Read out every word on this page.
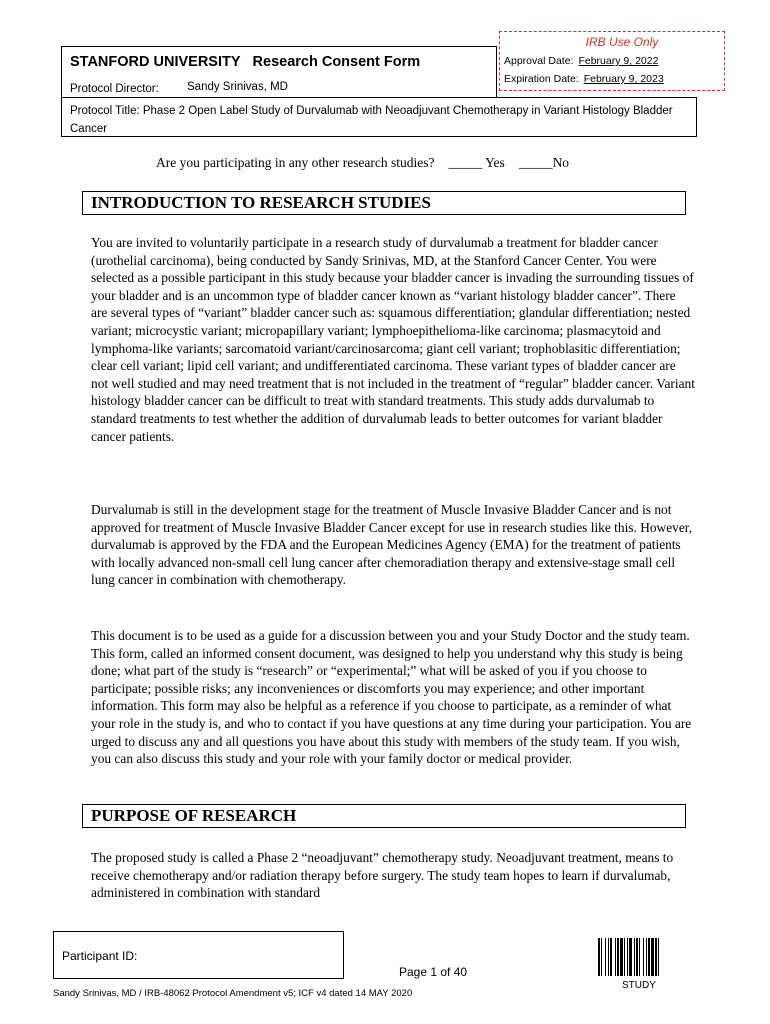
STANFORD UNIVERSITY Research Consent Form
Protocol Director: Sandy Srinivas, MD
IRB Use Only
Approval Date: February 9, 2022
Expiration Date: February 9, 2023
Protocol Title: Phase 2 Open Label Study of Durvalumab with Neoadjuvant Chemotherapy in Variant Histology Bladder Cancer
Are you participating in any other research studies? _____ Yes _____No
INTRODUCTION TO RESEARCH STUDIES

You are invited to voluntarily participate in a research study of durvalumab a treatment for bladder cancer (urothelial carcinoma), being conducted by Sandy Srinivas, MD, at the Stanford Cancer Center. You were selected as a possible participant in this study because your bladder cancer is invading the surrounding tissues of your bladder and is an uncommon type of bladder cancer known as “variant histology bladder cancer”. There are several types of “variant” bladder cancer such as: squamous differentiation; glandular differentiation; nested variant; microcystic variant; micropapillary variant; lymphoepithelioma-like carcinoma; plasmacytoid and lymphoma-like variants; sarcomatoid variant/carcinosarcoma; giant cell variant; trophoblasitic differentiation; clear cell variant; lipid cell variant; and undifferentiated carcinoma. These variant types of bladder cancer are not well studied and may need treatment that is not included in the treatment of “regular” bladder cancer. Variant histology bladder cancer can be difficult to treat with standard treatments. This study adds durvalumab to standard treatments to test whether the addition of durvalumab leads to better outcomes for variant bladder cancer patients.

Durvalumab is still in the development stage for the treatment of Muscle Invasive Bladder Cancer and is not approved for treatment of Muscle Invasive Bladder Cancer except for use in research studies like this. However, durvalumab is approved by the FDA and the European Medicines Agency (EMA) for the treatment of patients with locally advanced non-small cell lung cancer after chemoradiation therapy and extensive-stage small cell lung cancer in combination with chemotherapy.

This document is to be used as a guide for a discussion between you and your Study Doctor and the study team. This form, called an informed consent document, was designed to help you understand why this study is being done; what part of the study is “research” or “experimental;” what will be asked of you if you choose to participate; possible risks; any inconveniences or discomforts you may experience; and other important information. This form may also be helpful as a reference if you choose to participate, as a reminder of what your role in the study is, and who to contact if you have questions at any time during your participation. You are urged to discuss any and all questions you have about this study with members of the study team. If you wish, you can also discuss this study and your role with your family doctor or medical provider.

PURPOSE OF RESEARCH

The proposed study is called a Phase 2 “neoadjuvant” chemotherapy study. Neoadjuvant treatment, means to receive chemotherapy and/or radiation therapy before surgery. The study team hopes to learn if durvalumab, administered in combination with standard

Participant ID:
Page 1 of 40
Sandy Srinivas, MD / IRB-48062 Protocol Amendment v5; ICF v4 dated 14 MAY 2020
STUDY
